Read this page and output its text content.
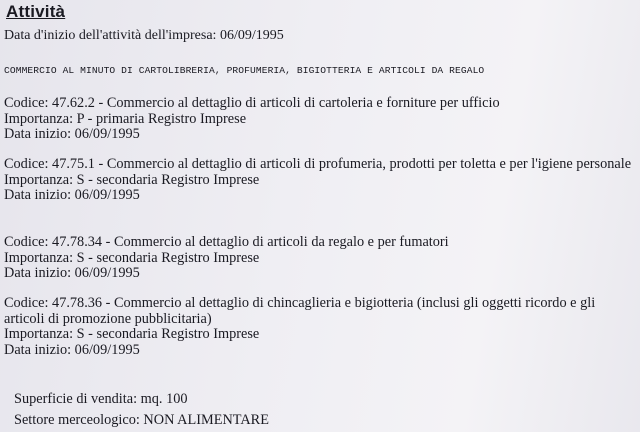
Attività
Data d'inizio dell'attività dell'impresa: 06/09/1995
COMMERCIO AL MINUTO DI CARTOLIBRERIA, PROFUMERIA, BIGIOTTERIA E ARTICOLI DA REGALO
Codice: 47.62.2 - Commercio al dettaglio di articoli di cartoleria e forniture per ufficio
Importanza: P - primaria Registro Imprese
Data inizio: 06/09/1995
Codice: 47.75.1 - Commercio al dettaglio di articoli di profumeria, prodotti per toletta e per l'igiene personale
Importanza: S - secondaria Registro Imprese
Data inizio: 06/09/1995
Codice: 47.78.34 - Commercio al dettaglio di articoli da regalo e per fumatori
Importanza: S - secondaria Registro Imprese
Data inizio: 06/09/1995
Codice: 47.78.36 - Commercio al dettaglio di chincaglieria e bigiotteria (inclusi gli oggetti ricordo e gli articoli di promozione pubblicitaria)
Importanza: S - secondaria Registro Imprese
Data inizio: 06/09/1995
Superficie di vendita: mq. 100
Settore merceologico: NON ALIMENTARE
